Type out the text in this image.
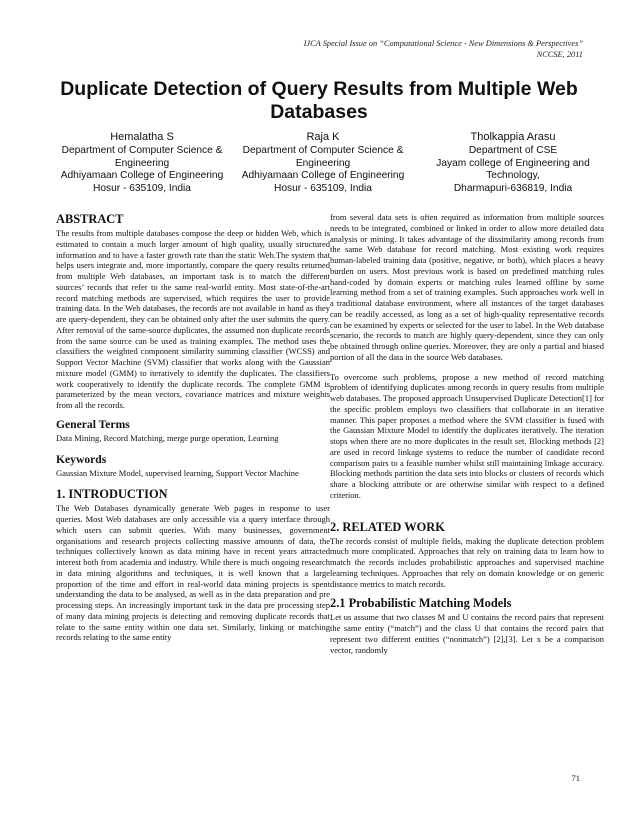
IJCA Special Issue on “Computational Science - New Dimensions & Perspectives”
NCCSE, 2011
Duplicate Detection of Query Results from Multiple Web Databases
Hemalatha S
Department of Computer Science & Engineering
Adhiyamaan College of Engineering
Hosur - 635109, India
Raja K
Department of Computer Science & Engineering
Adhiyamaan College of Engineering
Hosur - 635109, India
Tholkappia Arasu
Department of CSE
Jayam college of Engineering and Technology,
Dharmapuri-636819, India
ABSTRACT

The results from multiple databases compose the deep or hidden Web, which is estimated to contain a much larger amount of high quality, usually structured information and to have a faster growth rate than the static Web.The system that helps users integrate and, more importantly, compare the query results returned from multiple Web databases, an important task is to match the different sources’ records that refer to the same real-world entity. Most state-of-the-art record matching methods are supervised, which requires the user to provide training data. In the Web databases, the records are not available in hand as they are query-dependent, they can be obtained only after the user submits the query. After removal of the same-source duplicates, the assumed non duplicate records from the same source can be used as training examples. The method uses the classifiers the weighted component similarity summing classifier (WCSS) and Support Vector Machine (SVM) classifier that works along with the Gaussian mixture model (GMM) to iteratively to identify the duplicates. The classifiers work cooperatively to identify the duplicate records. The complete GMM is parameterized by the mean vectors, covariance matrices and mixture weights from all the records.

General Terms

Data Mining, Record Matching, merge purge operation, Learning

Keywords

Gaussian Mixture Model, supervised learning, Support Vector Machine

1. INTRODUCTION

The Web Databases dynamically generate Web pages in response to user queries. Most Web databases are only accessible via a query interface through which users can submit queries. With many businesses, government organisations and research projects collecting massive amounts of data, the techniques collectively known as data mining have in recent years attracted interest both from academia and industry. While there is much ongoing research in data mining algorithms and techniques, it is well known that a large proportion of the time and effort in real-world data mining projects is spent understanding the data to be analysed, as well as in the data preparation and pre processing steps. An increasingly important task in the data pre processing step of many data mining projects is detecting and removing duplicate records that relate to the same entity within one data set. Similarly, linking or matching records relating to the same entity

from several data sets is often required as information from multiple sources needs to be integrated, combined or linked in order to allow more detailed data analysis or mining. It takes advantage of the dissimilarity among records from the same Web database for record matching. Most existing work requires human-labeled training data (positive, negative, or both), which places a heavy burden on users. Most previous work is based on predefined matching rules hand-coded by domain experts or matching rules learned offline by some learning method from a set of training examples. Such approaches work well in a traditional database environment, where all instances of the target databases can be readily accessed, as long as a set of high-quality representative records can be examined by experts or selected for the user to label. In the Web database scenario, the records to match are highly query-dependent, since they can only be obtained through online queries. Moreover, they are only a partial and biased portion of all the data in the source Web databases.

To overcome such problems, propose a new method of record matching problem of identifying duplicates among records in query results from multiple web databases. The proposed approach Unsupervised Duplicate Detection[1] for the specific problem employs two classifiers that collaborate in an iterative manner. This paper proposes a method where the SVM classifier is fused with the Gaussian Mixture Model to identify the duplicates iteratively. The iteration stops when there are no more duplicates in the result set. Blocking methods [2] are used in record linkage systems to reduce the number of candidate record comparison pairs to a feasible number whilst still maintaining linkage accuracy. Blocking methods partition the data sets into blocks or clusters of records which share a blocking attribute or are otherwise similar with respect to a defined criterion.

2. RELATED WORK

The records consist of multiple fields, making the duplicate detection problem much more complicated. Approaches that rely on training data to learn how to match the records includes probabilistic approaches and supervised machine learning techniques. Approaches that rely on domain knowledge or on generic distance metrics to match records.

2.1 Probabilistic Matching Models

Let us assume that two classes M and U contains the record pairs that represent the same entity (“match”) and the class U that contains the record pairs that represent two different entities (“nonmatch”) [2],[3]. Let x be a comparison vector, randomly

71
